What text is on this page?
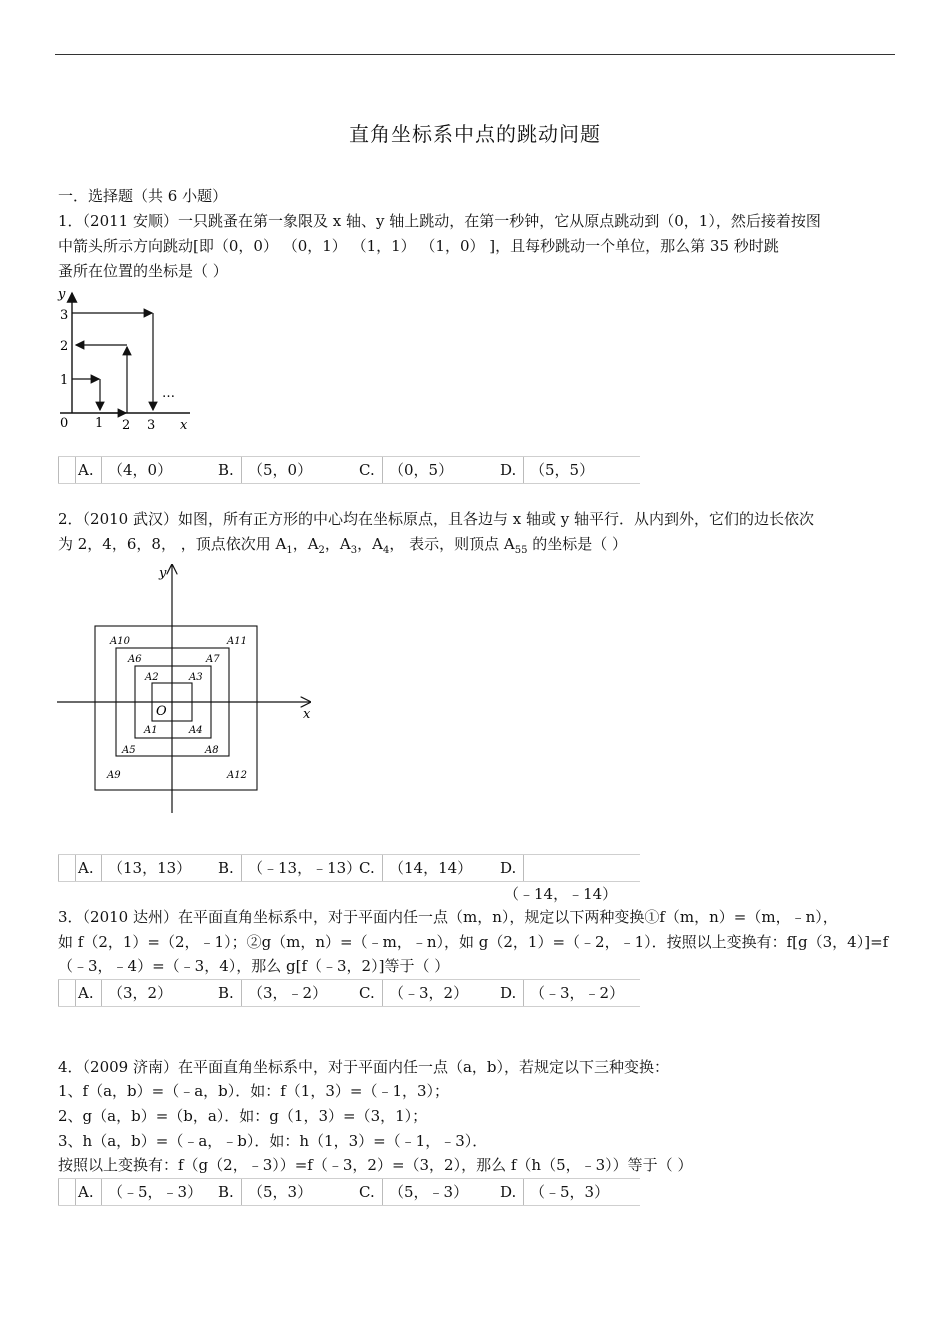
直角坐标系中点的跳动问题
一．选择题（共 6 小题）
1．（2011 安顺）一只跳蚤在第一象限及 x 轴、y 轴上跳动，在第一秒钟，它从原点跳动到（0，1），然后接着按图
中箭头所示方向跳动[即（0，0） （0，1） （1，1） （1，0） ]，且每秒跳动一个单位，那么第 35 秒时跳
蚤所在位置的坐标是（ ）
y
x
0 1 2 3
…
1
2
3
A. （4，0）	B. （5，0）	C. （0，5）	D. （5，5）
2．（2010 武汉）如图，所有正方形的中心均在坐标原点，且各边与 x 轴或 y 轴平行．从内到外，它们的边长依次
为 2，4，6，8， ，顶点依次用 $A_1$，$A_2$，$A_3$，$A_4$， 表示，则顶点 $A_{55}$ 的坐标是（ ）
O
y
x
A1
A2	A3
A4
A5
A6	A7
A8
A9
A10	A11
A12
A. （13，13） B. （﹣13，﹣13）
C. （14，14） D.（﹣14，﹣14）
3．（2010 达州）在平面直角坐标系中，对于平面内任一点（m，n），规定以下两种变换①f（m，n）=（m，﹣n），
如 f（2，1）=（2，﹣1）；②g（m，n）=（﹣m，﹣n），如 g（2，1）=（﹣2，﹣1）．按照以上变换有：f[g（3，4）]=f
（﹣3，﹣4）=（﹣3，4），那么 g[f（﹣3，2）]等于（ ）
A. （3，2）	B. （3，﹣2） C. （﹣3，2） D. （﹣3，﹣2）
4．（2009 济南）在平面直角坐标系中，对于平面内任一点（a，b），若规定以下三种变换：
1、f（a，b）=（﹣a，b）．如：f（1，3）=（﹣1，3）；
2、g（a，b）=（b，a）．如：g（1，3）=（3，1）；
3、h（a，b）=（﹣a，﹣b）．如：h（1，3）=（﹣1，﹣3）．
按照以上变换有：f（g（2，﹣3））=f（﹣3，2）=（3，2），那么 f（h（5，﹣3））等于（ ）
A. （﹣5，﹣3） B. （5，3）	C. （5，﹣3） D. （﹣5，3）
